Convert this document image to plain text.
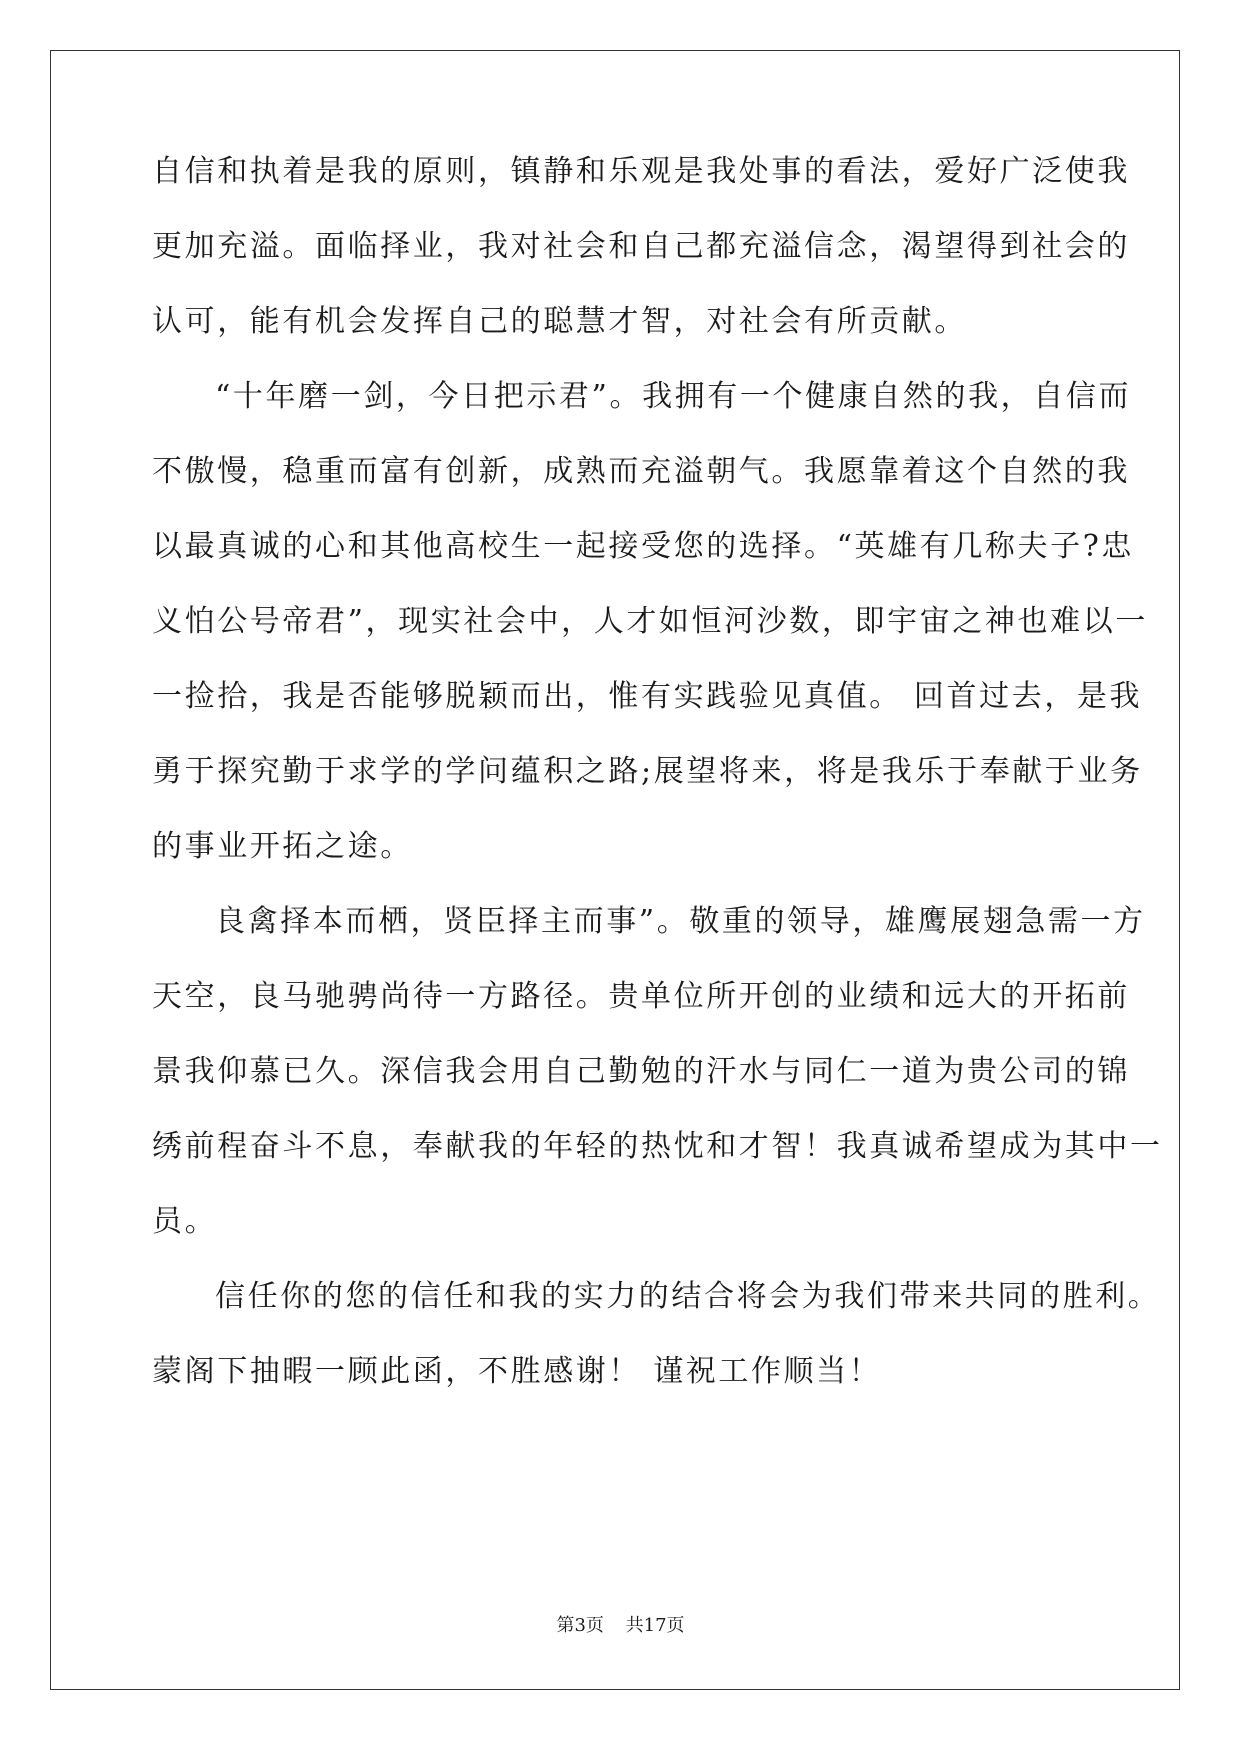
自信和执着是我的原则，镇静和乐观是我处事的看法，爱好广泛使我
更加充溢。面临择业，我对社会和自己都充溢信念，渴望得到社会的
认可，能有机会发挥自己的聪慧才智，对社会有所贡献。
“十年磨一剑，今日把示君”。我拥有一个健康自然的我，自信而
不傲慢，稳重而富有创新，成熟而充溢朝气。我愿靠着这个自然的我
以最真诚的心和其他高校生一起接受您的选择。“英雄有几称夫子?忠
义怕公号帝君”，现实社会中，人才如恒河沙数，即宇宙之神也难以一
一捡拾，我是否能够脱颖而出，惟有实践验见真值。 回首过去，是我
勇于探究勤于求学的学问蕴积之路;展望将来，将是我乐于奉献于业务
的事业开拓之途。
良禽择本而栖，贤臣择主而事”。敬重的领导，雄鹰展翅急需一方
天空，良马驰骋尚待一方路径。贵单位所开创的业绩和远大的开拓前
景我仰慕已久。深信我会用自己勤勉的汗水与同仁一道为贵公司的锦
绣前程奋斗不息，奉献我的年轻的热忱和才智！我真诚希望成为其中一
员。
信任你的您的信任和我的实力的结合将会为我们带来共同的胜利。
蒙阁下抽暇一顾此函，不胜感谢！ 谨祝工作顺当！
第3页 共17页
